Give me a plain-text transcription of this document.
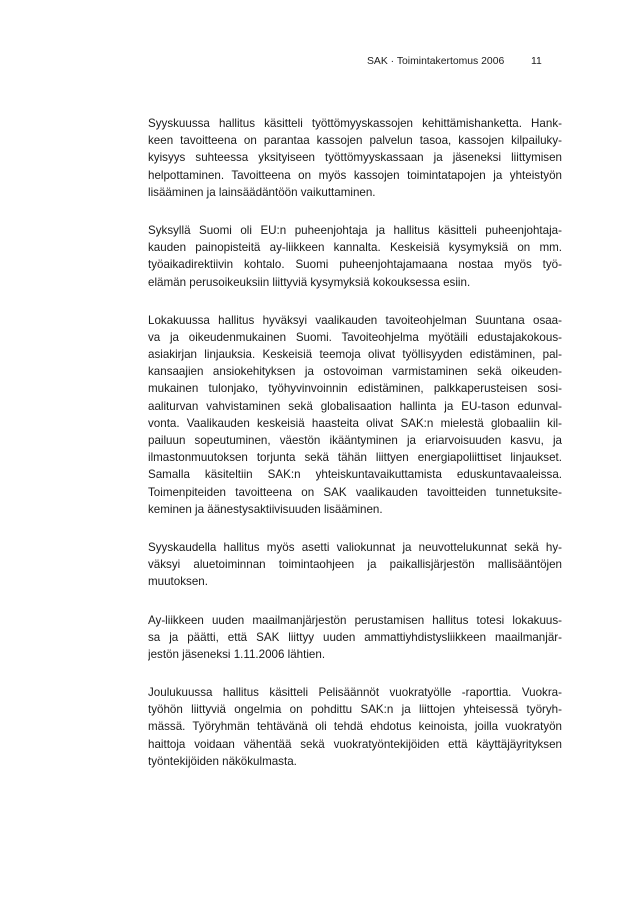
SAK · Toimintakertomus 2006	11
Syyskuussa hallitus käsitteli työttömyyskassojen kehittämishanketta. Hank-
keen tavoitteena on parantaa kassojen palvelun tasoa, kassojen kilpailuky-
kyisyys suhteessa yksityiseen työttömyyskassaan ja jäseneksi liittymisen
helpottaminen. Tavoitteena on myös kassojen toimintatapojen ja yhteistyön
lisääminen ja lainsäädäntöön vaikuttaminen.
Syksyllä Suomi oli EU:n puheenjohtaja ja hallitus käsitteli puheenjohtaja-
kauden painopisteitä ay-liikkeen kannalta. Keskeisiä kysymyksiä on mm.
työaikadirektiivin kohtalo. Suomi puheenjohtajamaana nostaa myös työ-
elämän perusoikeuksiin liittyviä kysymyksiä kokouksessa esiin.
Lokakuussa hallitus hyväksyi vaalikauden tavoiteohjelman Suuntana osaa-
va ja oikeudenmukainen Suomi. Tavoiteohjelma myötäili edustajakokous-
asiakirjan linjauksia. Keskeisiä teemoja olivat työllisyyden edistäminen, pal-
kansaajien ansiokehityksen ja ostovoiman varmistaminen sekä oikeuden-
mukainen tulonjako, työhyvinvoinnin edistäminen, palkkaperusteisen sosi-
aaliturvan vahvistaminen sekä globalisaation hallinta ja EU-tason edunval-
vonta. Vaalikauden keskeisiä haasteita olivat SAK:n mielestä globaaliin kil-
pailuun sopeutuminen, väestön ikääntyminen ja eriarvoisuuden kasvu, ja
ilmastonmuutoksen torjunta sekä tähän liittyen energiapoliittiset linjaukset.
Samalla käsiteltiin SAK:n yhteiskuntavaikuttamista eduskuntavaaleissa.
Toimenpiteiden tavoitteena on SAK vaalikauden tavoitteiden tunnetuksite-
keminen ja äänestysaktiivisuuden lisääminen.
Syyskaudella hallitus myös asetti valiokunnat ja neuvottelukunnat sekä hy-
väksyi aluetoiminnan toimintaohjeen ja paikallisjärjestön mallisääntöjen
muutoksen.
Ay-liikkeen uuden maailmanjärjestön perustamisen hallitus totesi lokakuus-
sa ja päätti, että SAK liittyy uuden ammattiyhdistysliikkeen maailmanjär-
jestön jäseneksi 1.11.2006 lähtien.
Joulukuussa hallitus käsitteli Pelisäännöt vuokratyölle -raporttia. Vuokra-
työhön liittyviä ongelmia on pohdittu SAK:n ja liittojen yhteisessä työryh-
mässä. Työryhmän tehtävänä oli tehdä ehdotus keinoista, joilla vuokratyön
haittoja voidaan vähentää sekä vuokratyöntekijöiden että käyttäjäyrityksen
työntekijöiden näkökulmasta.
